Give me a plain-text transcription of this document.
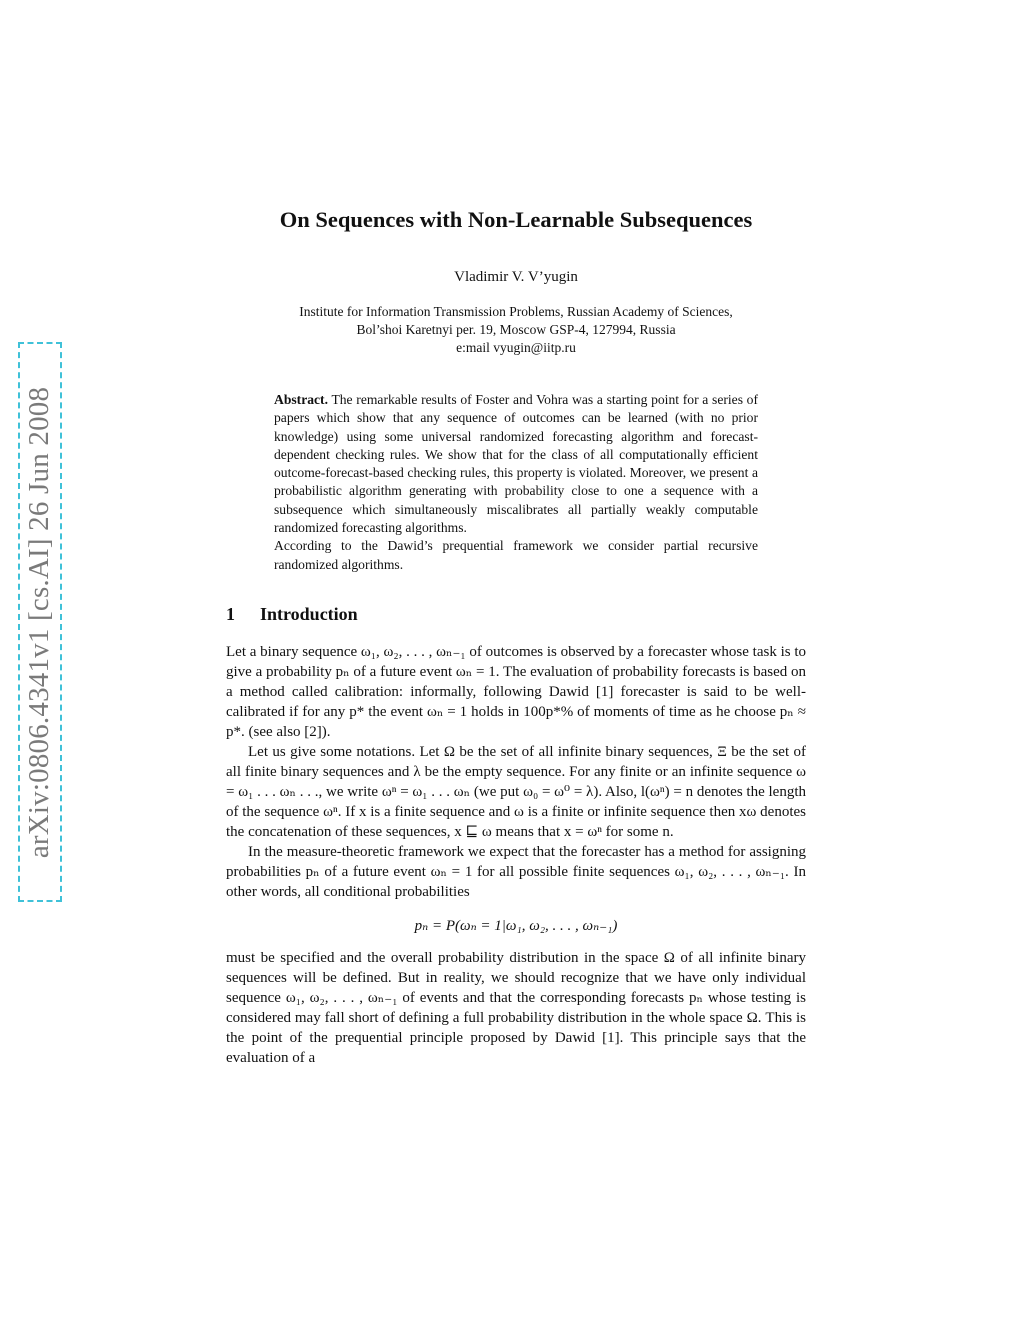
arXiv:0806.4341v1 [cs.AI] 26 Jun 2008
On Sequences with Non-Learnable Subsequences
Vladimir V. V’yugin
Institute for Information Transmission Problems, Russian Academy of Sciences,
Bol’shoi Karetnyi per. 19, Moscow GSP-4, 127994, Russia
e:mail vyugin@iitp.ru

Abstract. The remarkable results of Foster and Vohra was a starting point for a series of papers which show that any sequence of outcomes can be learned (with no prior knowledge) using some universal randomized forecasting algorithm and forecast-dependent checking rules. We show that for the class of all computationally efficient outcome-forecast-based checking rules, this property is violated. Moreover, we present a probabilistic algorithm generating with probability close to one a sequence with a subsequence which simultaneously miscalibrates all partially weakly computable randomized forecasting algorithms.

According to the Dawid’s prequential framework we consider partial recursive randomized algorithms.

1 Introduction

Let a binary sequence ω₁, ω₂, . . . , ωₙ₋₁ of outcomes is observed by a forecaster whose task is to give a probability pₙ of a future event ωₙ = 1. The evaluation of probability forecasts is based on a method called calibration: informally, following Dawid [1] forecaster is said to be well-calibrated if for any p* the event ωₙ = 1 holds in 100p*% of moments of time as he choose pₙ ≈ p*. (see also [2]).

Let us give some notations. Let Ω be the set of all infinite binary sequences, Ξ be the set of all finite binary sequences and λ be the empty sequence. For any finite or an infinite sequence ω = ω₁ . . . ωₙ . . ., we write ωⁿ = ω₁ . . . ωₙ (we put ω₀ = ω⁰ = λ). Also, l(ωⁿ) = n denotes the length of the sequence ωⁿ. If x is a finite sequence and ω is a finite or infinite sequence then xω denotes the concatenation of these sequences, x ⊑ ω means that x = ωⁿ for some n.

In the measure-theoretic framework we expect that the forecaster has a method for assigning probabilities pₙ of a future event ωₙ = 1 for all possible finite sequences ω₁, ω₂, . . . , ωₙ₋₁. In other words, all conditional probabilities

pₙ = P(ωₙ = 1|ω₁, ω₂, . . . , ωₙ₋₁)

must be specified and the overall probability distribution in the space Ω of all infinite binary sequences will be defined. But in reality, we should recognize that we have only individual sequence ω₁, ω₂, . . . , ωₙ₋₁ of events and that the corresponding forecasts pₙ whose testing is considered may fall short of defining a full probability distribution in the whole space Ω. This is the point of the prequential principle proposed by Dawid [1]. This principle says that the evaluation of a
